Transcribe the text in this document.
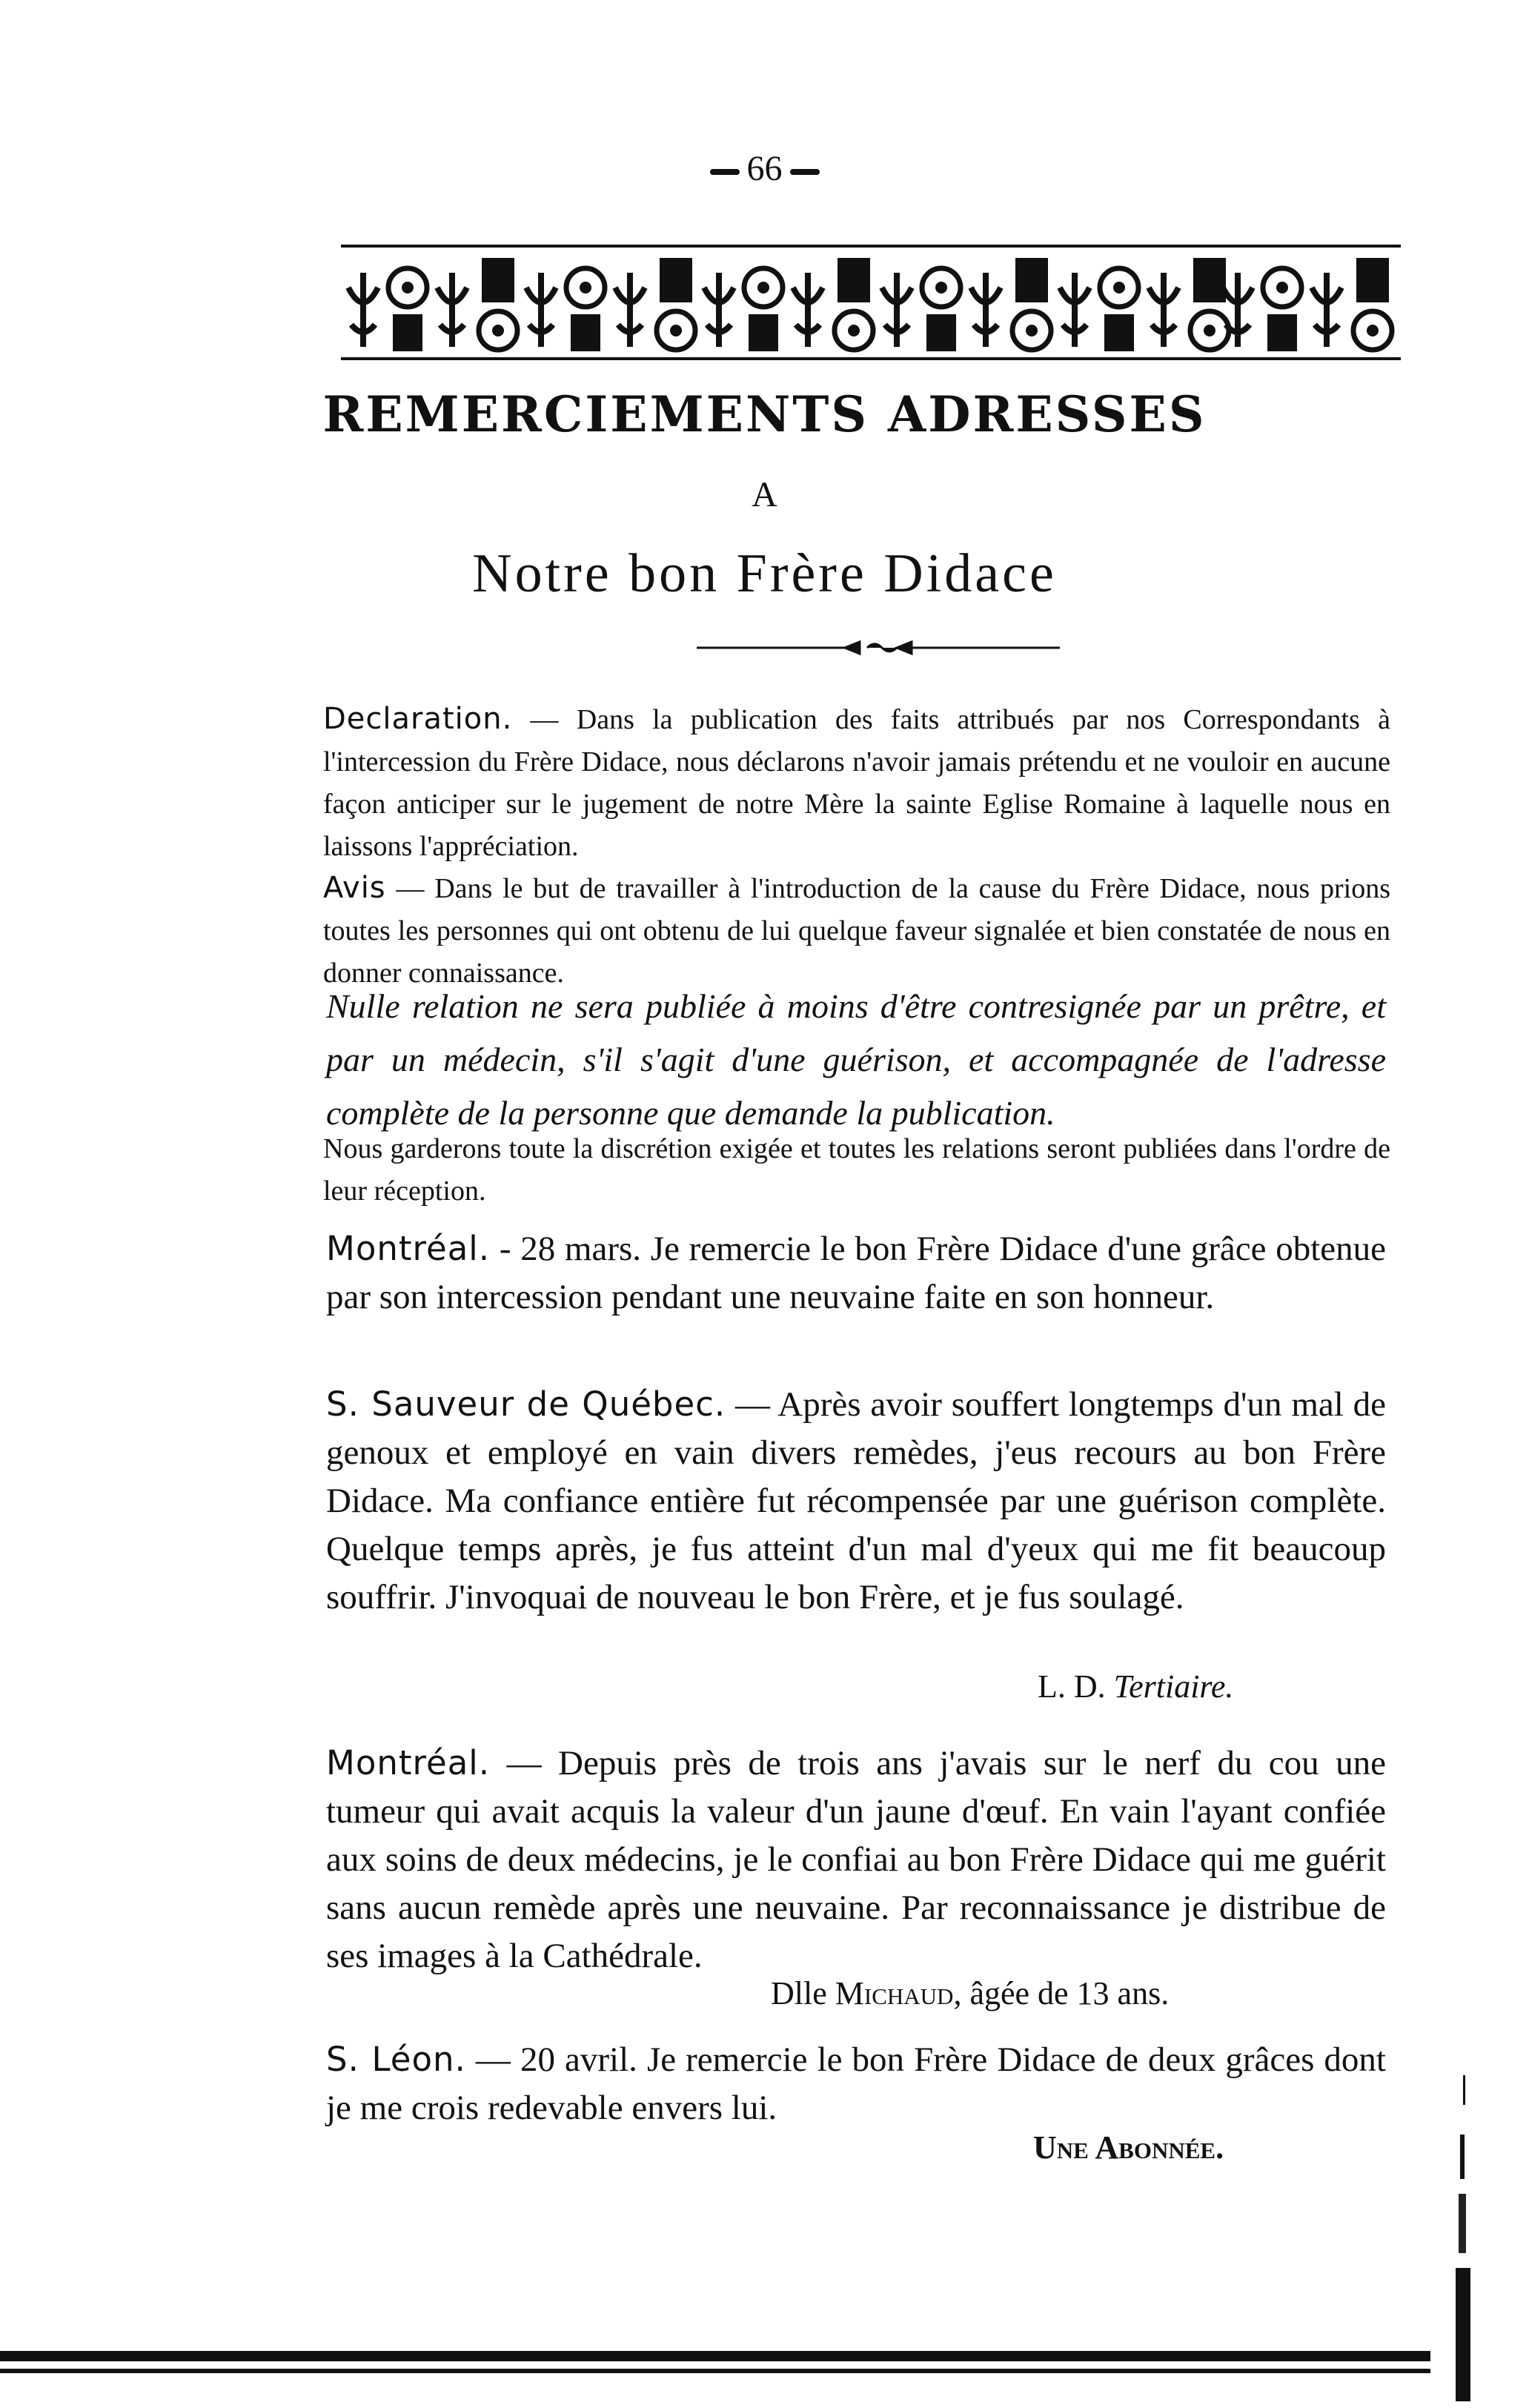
66
REMERCIEMENTS ADRESSES
A
Notre bon Frère Didace
Declaration. — Dans la publication des faits attribués par nos Correspondants à l'intercession du Frère Didace, nous déclarons n'avoir jamais prétendu et ne vouloir en aucune façon anticiper sur le jugement de notre Mère la sainte Eglise Romaine à laquelle nous en laissons l'appréciation.
Avis — Dans le but de travailler à l'introduction de la cause du Frère Didace, nous prions toutes les personnes qui ont obtenu de lui quelque faveur signalée et bien constatée de nous en donner connaissance.
Nulle relation ne sera publiée à moins d'être contresignée par un prêtre, et par un médecin, s'il s'agit d'une guérison, et accompagnée de l'adresse complète de la personne que demande la publication.
Nous garderons toute la discrétion exigée et toutes les relations seront publiées dans l'ordre de leur réception.
Montréal. - 28 mars. Je remercie le bon Frère Didace d'une grâce obtenue par son intercession pendant une neuvaine faite en son honneur.
S. Sauveur de Québec. — Après avoir souffert longtemps d'un mal de genoux et employé en vain divers remèdes, j'eus recours au bon Frère Didace. Ma confiance entière fut récompensée par une guérison complète. Quelque temps après, je fus atteint d'un mal d'yeux qui me fit beaucoup souffrir. J'invoquai de nouveau le bon Frère, et je fus soulagé.
L. D. Tertiaire.
Montréal. — Depuis près de trois ans j'avais sur le nerf du cou une tumeur qui avait acquis la valeur d'un jaune d'œuf. En vain l'ayant confiée aux soins de deux médecins, je le confiai au bon Frère Didace qui me guérit sans aucun remède après une neuvaine. Par reconnaissance je distribue de ses images à la Cathédrale.
Dlle Michaud, âgée de 13 ans.
S. Léon. — 20 avril. Je remercie le bon Frère Didace de deux grâces dont je me crois redevable envers lui.
Une Abonnée.
